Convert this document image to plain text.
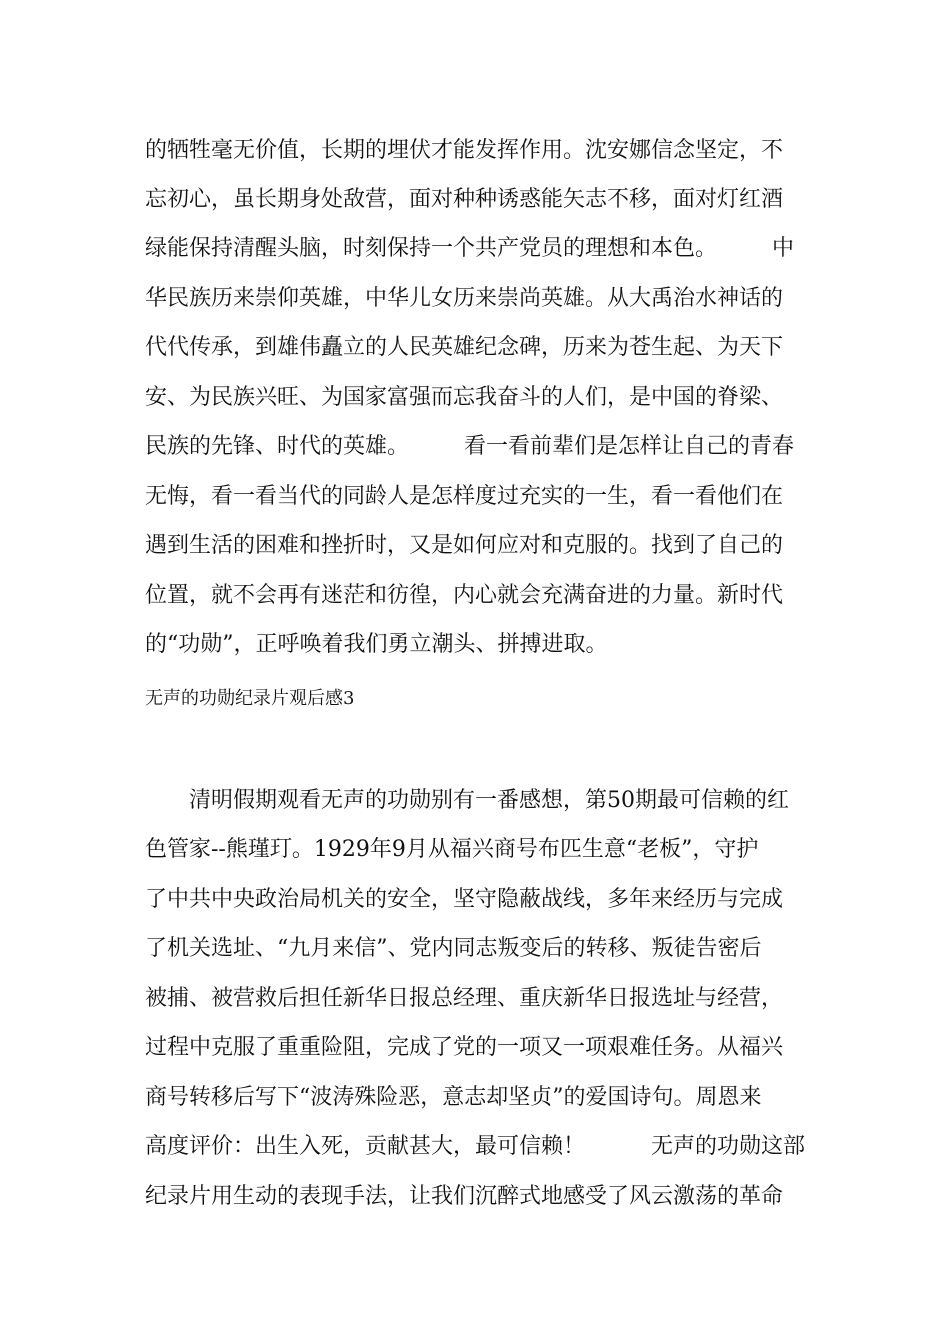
的牺牲毫无价值，长期的埋伏才能发挥作用。沈安娜信念坚定，不
忘初心，虽长期身处敌营，面对种种诱惑能矢志不移，面对灯红酒
绿能保持清醒头脑，时刻保持一个共产党员的理想和本色。　　　中
华民族历来崇仰英雄，中华儿女历来崇尚英雄。从大禹治水神话的
代代传承，到雄伟矗立的人民英雄纪念碑，历来为苍生起、为天下
安、为民族兴旺、为国家富强而忘我奋斗的人们，是中国的脊梁、
民族的先锋、时代的英雄。　　　看一看前辈们是怎样让自己的青春
无悔，看一看当代的同龄人是怎样度过充实的一生，看一看他们在
遇到生活的困难和挫折时，又是如何应对和克服的。找到了自己的
位置，就不会再有迷茫和彷徨，内心就会充满奋进的力量。新时代
的“功勋”，正呼唤着我们勇立潮头、拼搏进取。
无声的功勋纪录片观后感3
　　清明假期观看无声的功勋别有一番感想，第50期最可信赖的红
色管家--熊瑾玎。1929年9月从福兴商号布匹生意“老板”，守护
了中共中央政治局机关的安全，坚守隐蔽战线，多年来经历与完成
了机关选址、“九月来信”、党内同志叛变后的转移、叛徒告密后
被捕、被营救后担任新华日报总经理、重庆新华日报选址与经营，
过程中克服了重重险阻，完成了党的一项又一项艰难任务。从福兴
商号转移后写下“波涛殊险恶，意志却坚贞”的爱国诗句。周恩来
高度评价：出生入死，贡献甚大，最可信赖！　　　无声的功勋这部
纪录片用生动的表现手法，让我们沉醉式地感受了风云激荡的革命
